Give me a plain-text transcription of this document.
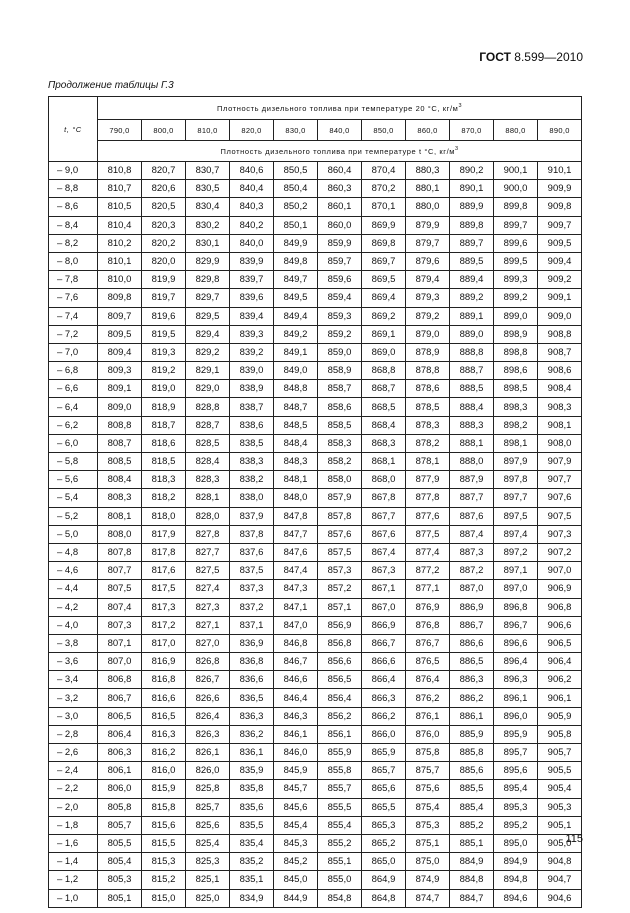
ГОСТ 8.599—2010
Продолжение таблицы Г.3
t, °C	Плотность дизельного топлива при температуре 20 °С, $кг/м^3$
	790,0	800,0	810,0	820,0	830,0	840,0	850,0	860,0	870,0	880,0	890,0
	Плотность дизельного топлива при температуре t °С, $кг/м^3$
– 9,0	810,8	820,7	830,7	840,6	850,5	860,4	870,4	880,3	890,2	900,1	910,1
– 8,8	810,7	820,6	830,5	840,4	850,4	860,3	870,2	880,1	890,1	900,0	909,9
– 8,6	810,5	820,5	830,4	840,3	850,2	860,1	870,1	880,0	889,9	899,8	909,8
– 8,4	810,4	820,3	830,2	840,2	850,1	860,0	869,9	879,9	889,8	899,7	909,7
– 8,2	810,2	820,2	830,1	840,0	849,9	859,9	869,8	879,7	889,7	899,6	909,5
– 8,0	810,1	820,0	829,9	839,9	849,8	859,7	869,7	879,6	889,5	899,5	909,4
– 7,8	810,0	819,9	829,8	839,7	849,7	859,6	869,5	879,4	889,4	899,3	909,2
– 7,6	809,8	819,7	829,7	839,6	849,5	859,4	869,4	879,3	889,2	899,2	909,1
– 7,4	809,7	819,6	829,5	839,4	849,4	859,3	869,2	879,2	889,1	899,0	909,0
– 7,2	809,5	819,5	829,4	839,3	849,2	859,2	869,1	879,0	889,0	898,9	908,8
– 7,0	809,4	819,3	829,2	839,2	849,1	859,0	869,0	878,9	888,8	898,8	908,7
– 6,8	809,3	819,2	829,1	839,0	849,0	858,9	868,8	878,8	888,7	898,6	908,6
– 6,6	809,1	819,0	829,0	838,9	848,8	858,7	868,7	878,6	888,5	898,5	908,4
– 6,4	809,0	818,9	828,8	838,7	848,7	858,6	868,5	878,5	888,4	898,3	908,3
– 6,2	808,8	818,7	828,7	838,6	848,5	858,5	868,4	878,3	888,3	898,2	908,1
– 6,0	808,7	818,6	828,5	838,5	848,4	858,3	868,3	878,2	888,1	898,1	908,0
– 5,8	808,5	818,5	828,4	838,3	848,3	858,2	868,1	878,1	888,0	897,9	907,9
– 5,6	808,4	818,3	828,3	838,2	848,1	858,0	868,0	877,9	887,9	897,8	907,7
– 5,4	808,3	818,2	828,1	838,0	848,0	857,9	867,8	877,8	887,7	897,7	907,6
– 5,2	808,1	818,0	828,0	837,9	847,8	857,8	867,7	877,6	887,6	897,5	907,5
– 5,0	808,0	817,9	827,8	837,8	847,7	857,6	867,6	877,5	887,4	897,4	907,3
– 4,8	807,8	817,8	827,7	837,6	847,6	857,5	867,4	877,4	887,3	897,2	907,2
– 4,6	807,7	817,6	827,5	837,5	847,4	857,3	867,3	877,2	887,2	897,1	907,0
– 4,4	807,5	817,5	827,4	837,3	847,3	857,2	867,1	877,1	887,0	897,0	906,9
– 4,2	807,4	817,3	827,3	837,2	847,1	857,1	867,0	876,9	886,9	896,8	906,8
– 4,0	807,3	817,2	827,1	837,1	847,0	856,9	866,9	876,8	886,7	896,7	906,6
– 3,8	807,1	817,0	827,0	836,9	846,8	856,8	866,7	876,7	886,6	896,6	906,5
– 3,6	807,0	816,9	826,8	836,8	846,7	856,6	866,6	876,5	886,5	896,4	906,4
– 3,4	806,8	816,8	826,7	836,6	846,6	856,5	866,4	876,4	886,3	896,3	906,2
– 3,2	806,7	816,6	826,6	836,5	846,4	856,4	866,3	876,2	886,2	896,1	906,1
– 3,0	806,5	816,5	826,4	836,3	846,3	856,2	866,2	876,1	886,1	896,0	905,9
– 2,8	806,4	816,3	826,3	836,2	846,1	856,1	866,0	876,0	885,9	895,9	905,8
– 2,6	806,3	816,2	826,1	836,1	846,0	855,9	865,9	875,8	885,8	895,7	905,7
– 2,4	806,1	816,0	826,0	835,9	845,9	855,8	865,7	875,7	885,6	895,6	905,5
– 2,2	806,0	815,9	825,8	835,8	845,7	855,7	865,6	875,6	885,5	895,4	905,4
– 2,0	805,8	815,8	825,7	835,6	845,6	855,5	865,5	875,4	885,4	895,3	905,3
– 1,8	805,7	815,6	825,6	835,5	845,4	855,4	865,3	875,3	885,2	895,2	905,1
– 1,6	805,5	815,5	825,4	835,4	845,3	855,2	865,2	875,1	885,1	895,0	905,0
– 1,4	805,4	815,3	825,3	835,2	845,2	855,1	865,0	875,0	884,9	894,9	904,8
– 1,2	805,3	815,2	825,1	835,1	845,0	855,0	864,9	874,9	884,8	894,8	904,7
– 1,0	805,1	815,0	825,0	834,9	844,9	854,8	864,8	874,7	884,7	894,6	904,6
115
